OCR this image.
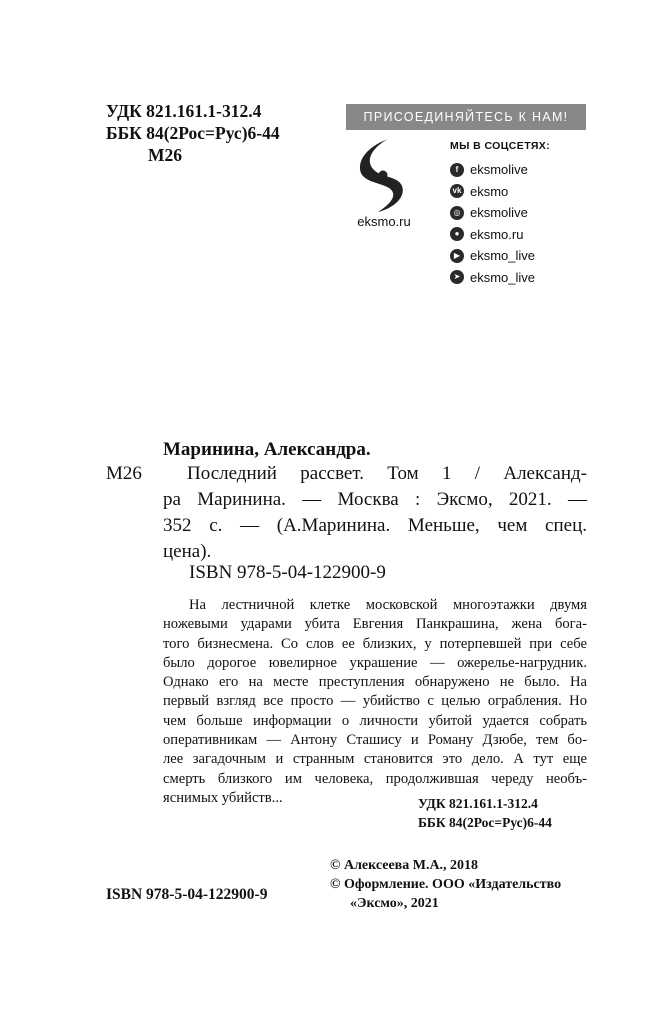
УДК 821.161.1-312.4
ББК 84(2Рос=Рус)6-44
М26
ПРИСОЕДИНЯЙТЕСЬ К НАМ!
eksmo.ru
МЫ В СОЦСЕТЯХ:
f eksmolive
vk eksmo
◎ eksmolive
● eksmo.ru
▶ eksmo_live
➤ eksmo_live
Маринина, Александра.
М26	Последний рассвет. Том 1 / Александ-
ра Маринина. — Москва : Эксмо, 2021. —
352 с. — (А.Маринина. Меньше, чем спец.
цена).
ISBN 978-5-04-122900-9
На лестничной клетке московской многоэтажки двумя
ножевыми ударами убита Евгения Панкрашина, жена бога-
того бизнесмена. Со слов ее близких, у потерпевшей при себе
было дорогое ювелирное украшение — ожерелье-нагрудник.
Однако его на месте преступления обнаружено не было. На
первый взгляд все просто — убийство с целью ограбления. Но
чем больше информации о личности убитой удается собрать
оперативникам — Антону Сташису и Роману Дзюбе, тем бо-
лее загадочным и странным становится это дело. А тут еще
смерть близкого им человека, продолжившая череду необъ-
яснимых убийств...	УДК 821.161.1-312.4
ББК 84(2Рос=Рус)6-44
© Алексеева М.А., 2018
© Оформление. ООО «Издательство
«Эксмо», 2021
ISBN 978-5-04-122900-9
